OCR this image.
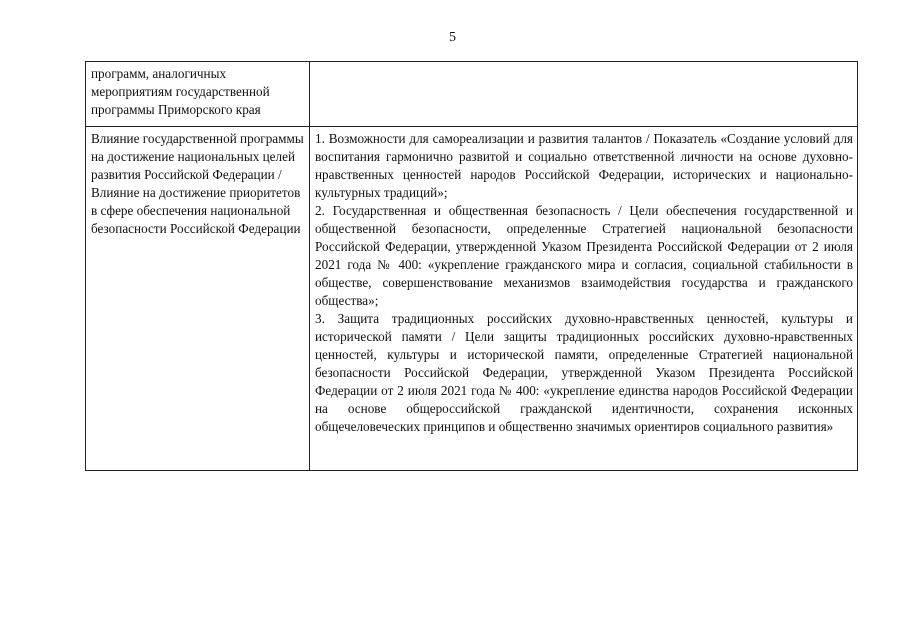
5
программ, аналогичных мероприятиям государственной программы Приморского края	
Влияние государственной программы на достижение национальных целей развития Российской Федерации / Влияние на достижение приоритетов в сфере обеспечения национальной безопасности Российской Федерации	1. Возможности для самореализации и развития талантов / Показатель «Создание условий для воспитания гармонично развитой и социально ответственной личности на основе духовно-нравственных ценностей народов Российской Федерации, исторических и национально-культурных традиций»;
2. Государственная и общественная безопасность / Цели обеспечения государственной и общественной безопасности, определенные Стратегией национальной безопасности Российской Федерации, утвержденной Указом Президента Российской Федерации от 2 июля 2021 года № 400: «укрепление гражданского мира и согласия, социальной стабильности в обществе, совершенствование механизмов взаимодействия государства и гражданского общества»;
3. Защита традиционных российских духовно-нравственных ценностей, культуры и исторической памяти / Цели защиты традиционных российских духовно-нравственных ценностей, культуры и исторической памяти, определенные Стратегией национальной безопасности Российской Федерации, утвержденной Указом Президента Российской Федерации от 2 июля 2021 года № 400: «укрепление единства народов Российской Федерации на основе общероссийской гражданской идентичности, сохранения исконных общечеловеческих принципов и общественно значимых ориентиров социального развития»
